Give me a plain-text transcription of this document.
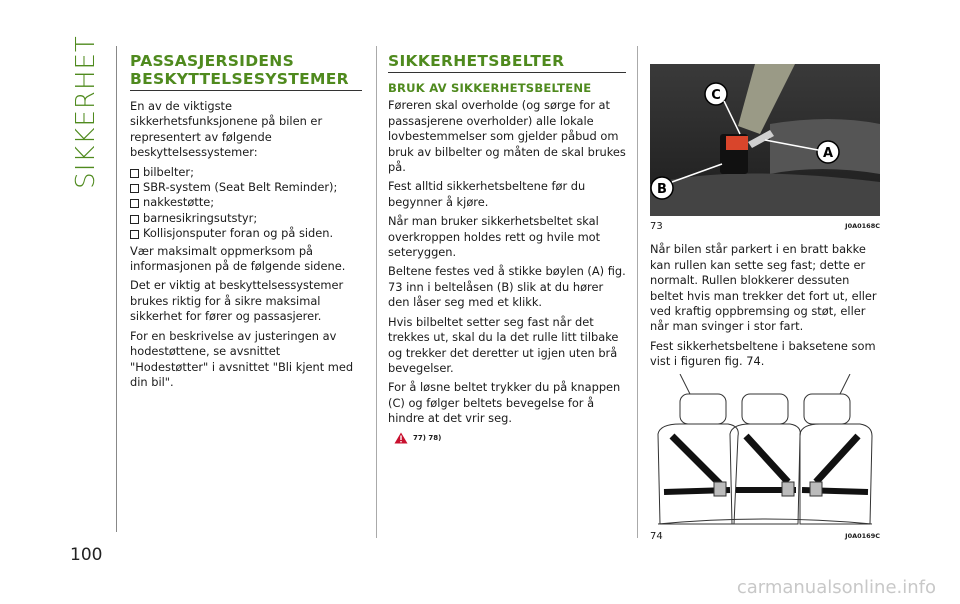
SIKKERHET
100
PASSASJERSIDENS
BESKYTTELSESYSTEMER

En av de viktigste sikkerhetsfunksjonene på bilen er representert av følgende beskyttelsessystemer:

bilbelter;
SBR-system (Seat Belt Reminder);
nakkestøtte;
barnesikringsutstyr;
Kollisjonsputer foran og på siden.

Vær maksimalt oppmerksom på informasjonen på de følgende sidene.

Det er viktig at beskyttelsessystemer brukes riktig for å sikre maksimal sikkerhet for fører og passasjerer.

For en beskrivelse av justeringen av hodestøttene, se avsnittet "Hodestøtter" i avsnittet "Bli kjent med din bil".

SIKKERHETSBELTER
BRUK AV SIKKERHETSBELTENE

Føreren skal overholde (og sørge for at passasjerene overholder) alle lokale lovbestemmelser som gjelder påbud om bruk av bilbelter og måten de skal brukes på.

Fest alltid sikkerhetsbeltene før du begynner å kjøre.

Når man bruker sikkerhetsbeltet skal overkroppen holdes rett og hvile mot seteryggen.

Beltene festes ved å stikke bøylen (A) fig. 73 inn i beltelåsen (B) slik at du hører den låser seg med et klikk.

Hvis bilbeltet setter seg fast når det trekkes ut, skal du la det rulle litt tilbake og trekker det deretter ut igjen uten brå bevegelser.

For å løsne beltet trykker du på knappen (C) og følger beltets bevegelse for å hindre at det vrir seg.

77) 78)
C
A
B
73	J0A0168C

Når bilen står parkert i en bratt bakke kan rullen kan sette seg fast; dette er normalt. Rullen blokkerer dessuten beltet hvis man trekker det fort ut, eller ved kraftig oppbremsing og støt, eller når man svinger i stor fart.

Fest sikkerhetsbeltene i baksetene som vist i figuren fig. 74.

74	J0A0169C
carmanualsonline.info
